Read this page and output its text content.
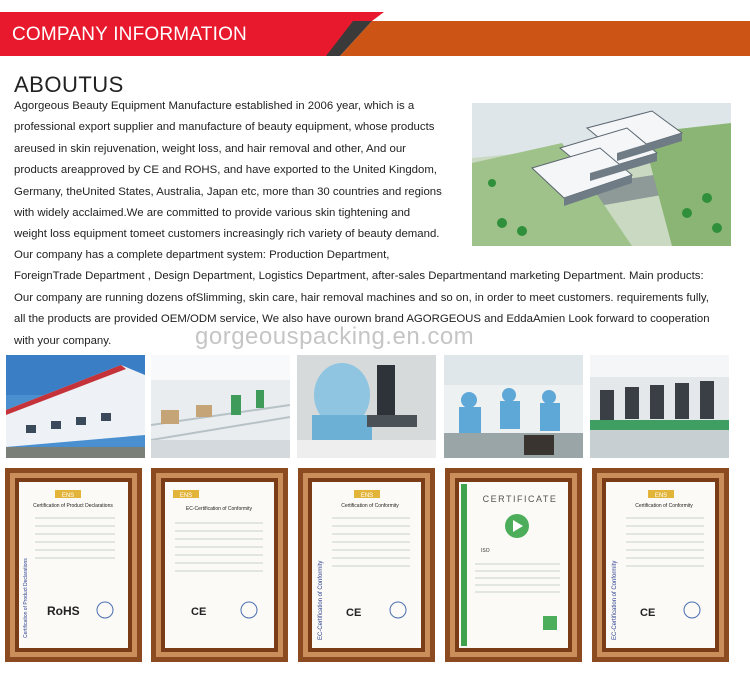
COMPANY INFORMATION
ABOUTUS
Agorgeous Beauty Equipment Manufacture established in 2006 year, which is a
professional export supplier and manufacture of beauty equipment, whose products
areused in skin rejuvenation, weight loss, and hair removal and other, And our
products areapproved by CE and ROHS, and have exported to the United Kingdom,
Germany, theUnited States, Australia, Japan etc, more than 30 countries and regions
with widely acclaimed.We are committed to provide various skin tightening and
weight loss equipment tomeet customers increasingly rich variety of beauty demand.
Our company has a complete department system: Production Department,
ForeignTrade Department , Design Department, Logistics Department, after-sales Departmentand marketing Department. Main products:
Our company are running dozens ofSlimming, skin care, hair removal machines and so on, in order to meet customers. requirements fully,
all the products are provided OEM/ODM service, We also have ourown brand AGORGEOUS and EddaAmien Look forward to cooperation
with your company.	gorgeouspacking.en.com
ENS
Certification of Product Declarations
Certification of Product Declarations RoHS
ENS
EC-Certification of Conformity
CE
ENS
Certification of Conformity
EC-Certification of Conformity CE
CERTIFICATE
ISO
ENS
Certification of Conformity
EC-Certification of Conformity CE
